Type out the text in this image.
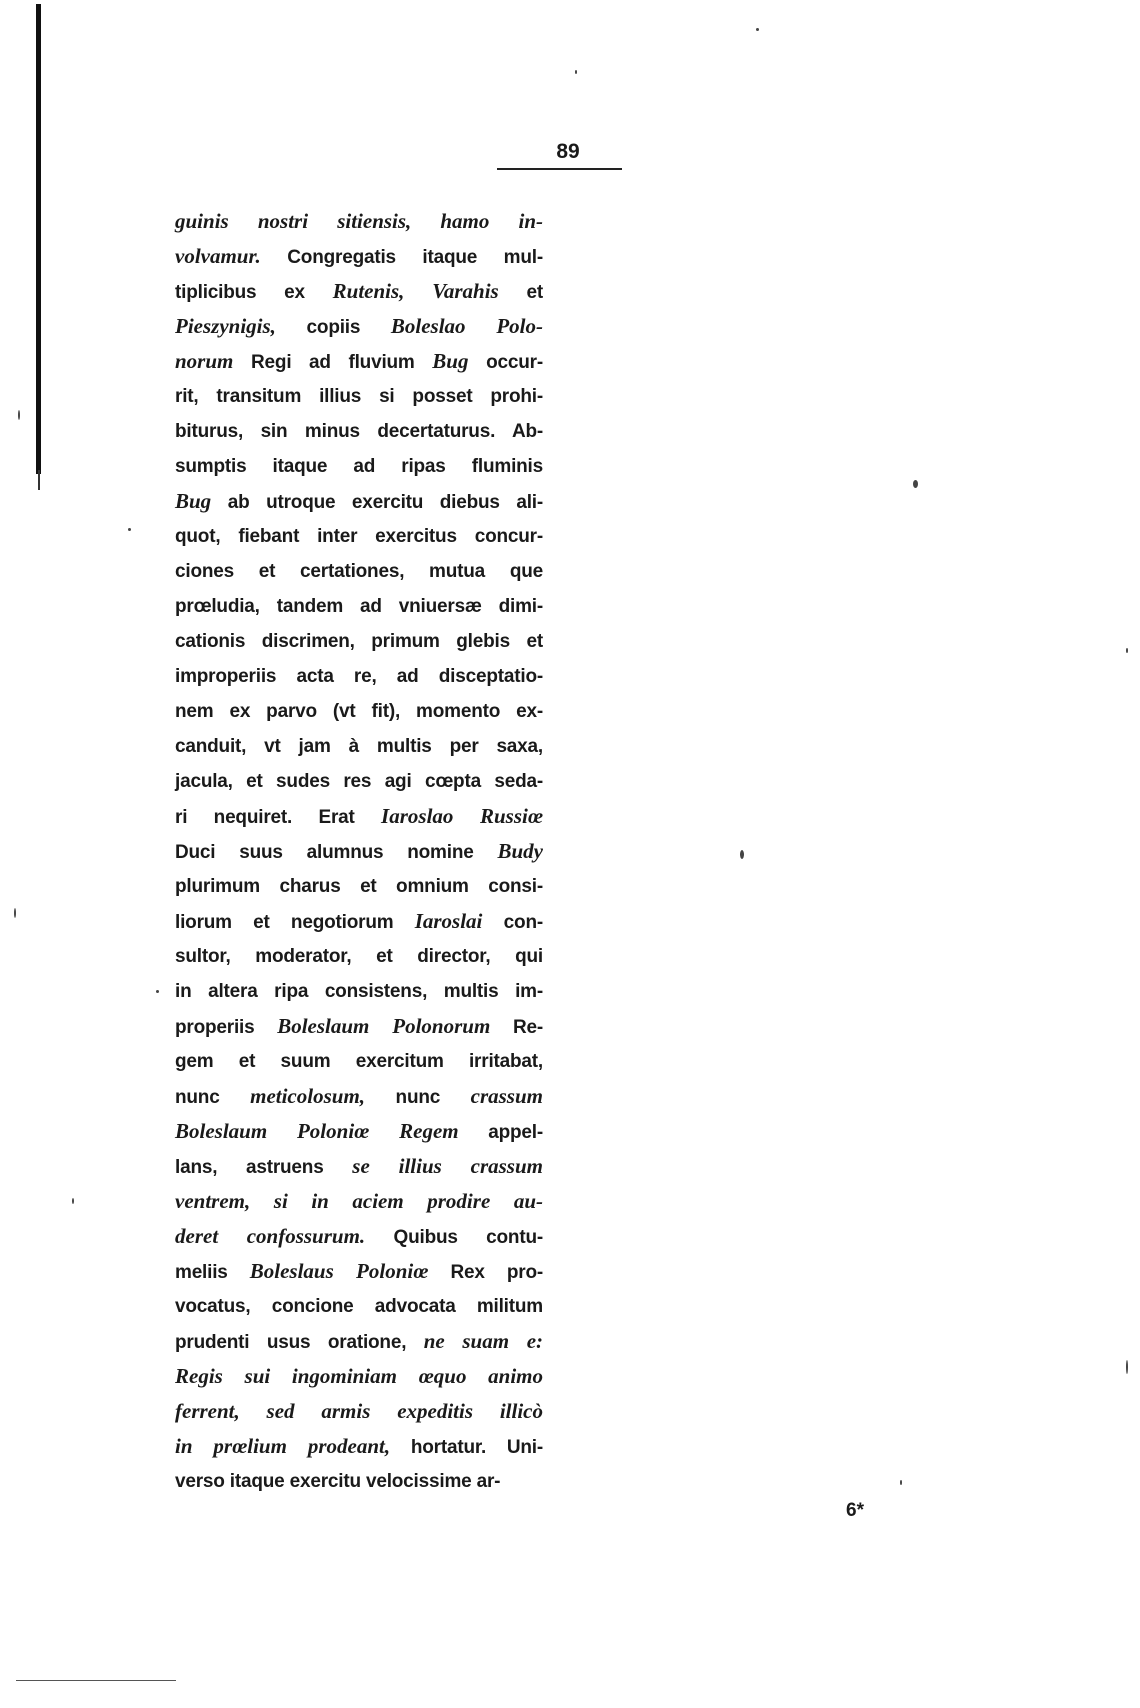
89
guinis nostri sitiensis, hamo in-
volvamur. Congregatis itaque mul-
tiplicibus ex Rutenis, Varahis et
Pieszynigis, copiis Boleslao Polo-
norum Regi ad fluvium Bug occur-
rit, transitum illius si posset prohi-
biturus, sin minus decertaturus. Ab-
sumptis itaque ad ripas fluminis
Bug ab utroque exercitu diebus ali-
quot, fiebant inter exercitus concur-
ciones et certationes, mutua que
prœludia, tandem ad vniuersæ dimi-
cationis discrimen, primum glebis et
improperiis acta re, ad disceptatio-
nem ex parvo (vt fit), momento ex-
canduit, vt jam à multis per saxa,
jacula, et sudes res agi cœpta seda-
ri nequiret. Erat Iaroslao Russiœ
Duci suus alumnus nomine Budy
plurimum charus et omnium consi-
liorum et negotiorum Iaroslai con-
sultor, moderator, et director, qui
in altera ripa consistens, multis im-
properiis Boleslaum Polonorum Re-
gem et suum exercitum irritabat,
nunc meticolosum, nunc crassum
Boleslaum Poloniœ Regem appel-
lans, astruens se illius crassum
ventrem, si in aciem prodire au-
deret confossurum. Quibus contu-
meliis Boleslaus Poloniœ Rex pro-
vocatus, concione advocata militum
prudenti usus oratione, ne suam e:
Regis sui ingominiam œquo animo
ferrent, sed armis expeditis illicò
in prœlium prodeant, hortatur. Uni-
verso itaque exercitu velocissime ar-
6*
